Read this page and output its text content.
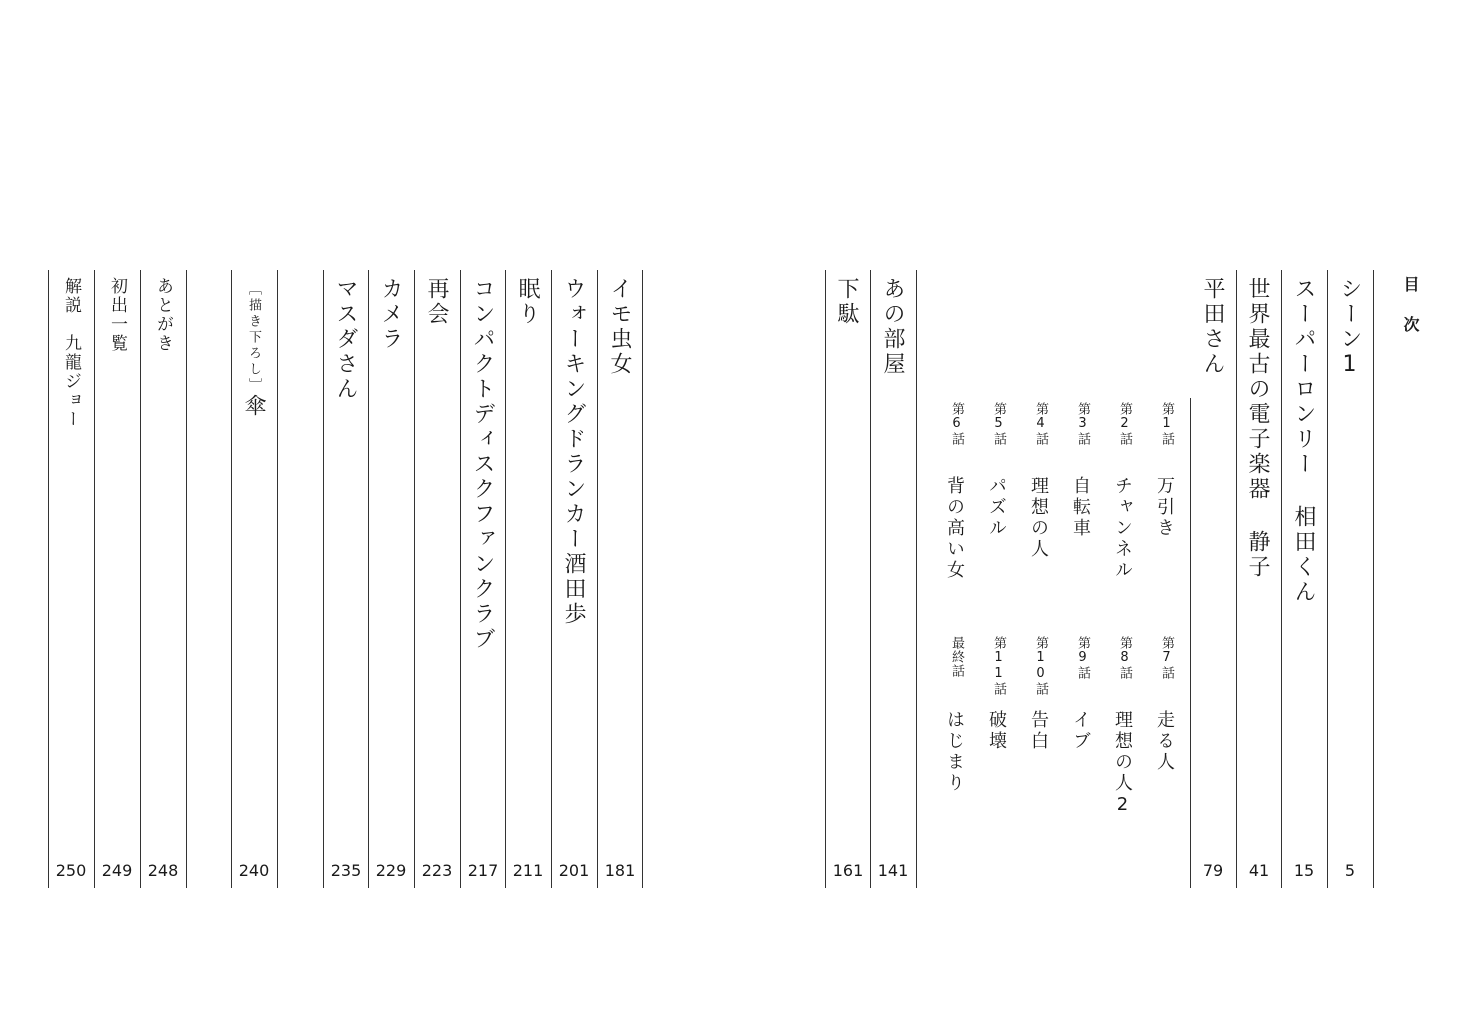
目次

シーン1

5

スーパーロンリー 相田くん

15

世界最古の電子楽器 静子

41

平田さん

79
第1話
万引き
第2話
チャンネル
第3話
自転車
第4話
理想の人
第5話
パズル
第6話
背の高い女
第7話
走る人
第8話
理想の人2
第9話
イブ
第10話
告白
第11話
破壊
最終話
はじまり

あの部屋

141

下駄

161

イモ虫女

181

ウォーキングドランカー酒田歩

201

眠り

211

コンパクトディスクファンクラブ

217

再会

223

カメラ

229

マスダさん

235

［描き下ろし］傘

240

あとがき

248

初出一覧

249

解説　九龍ジョー

250
